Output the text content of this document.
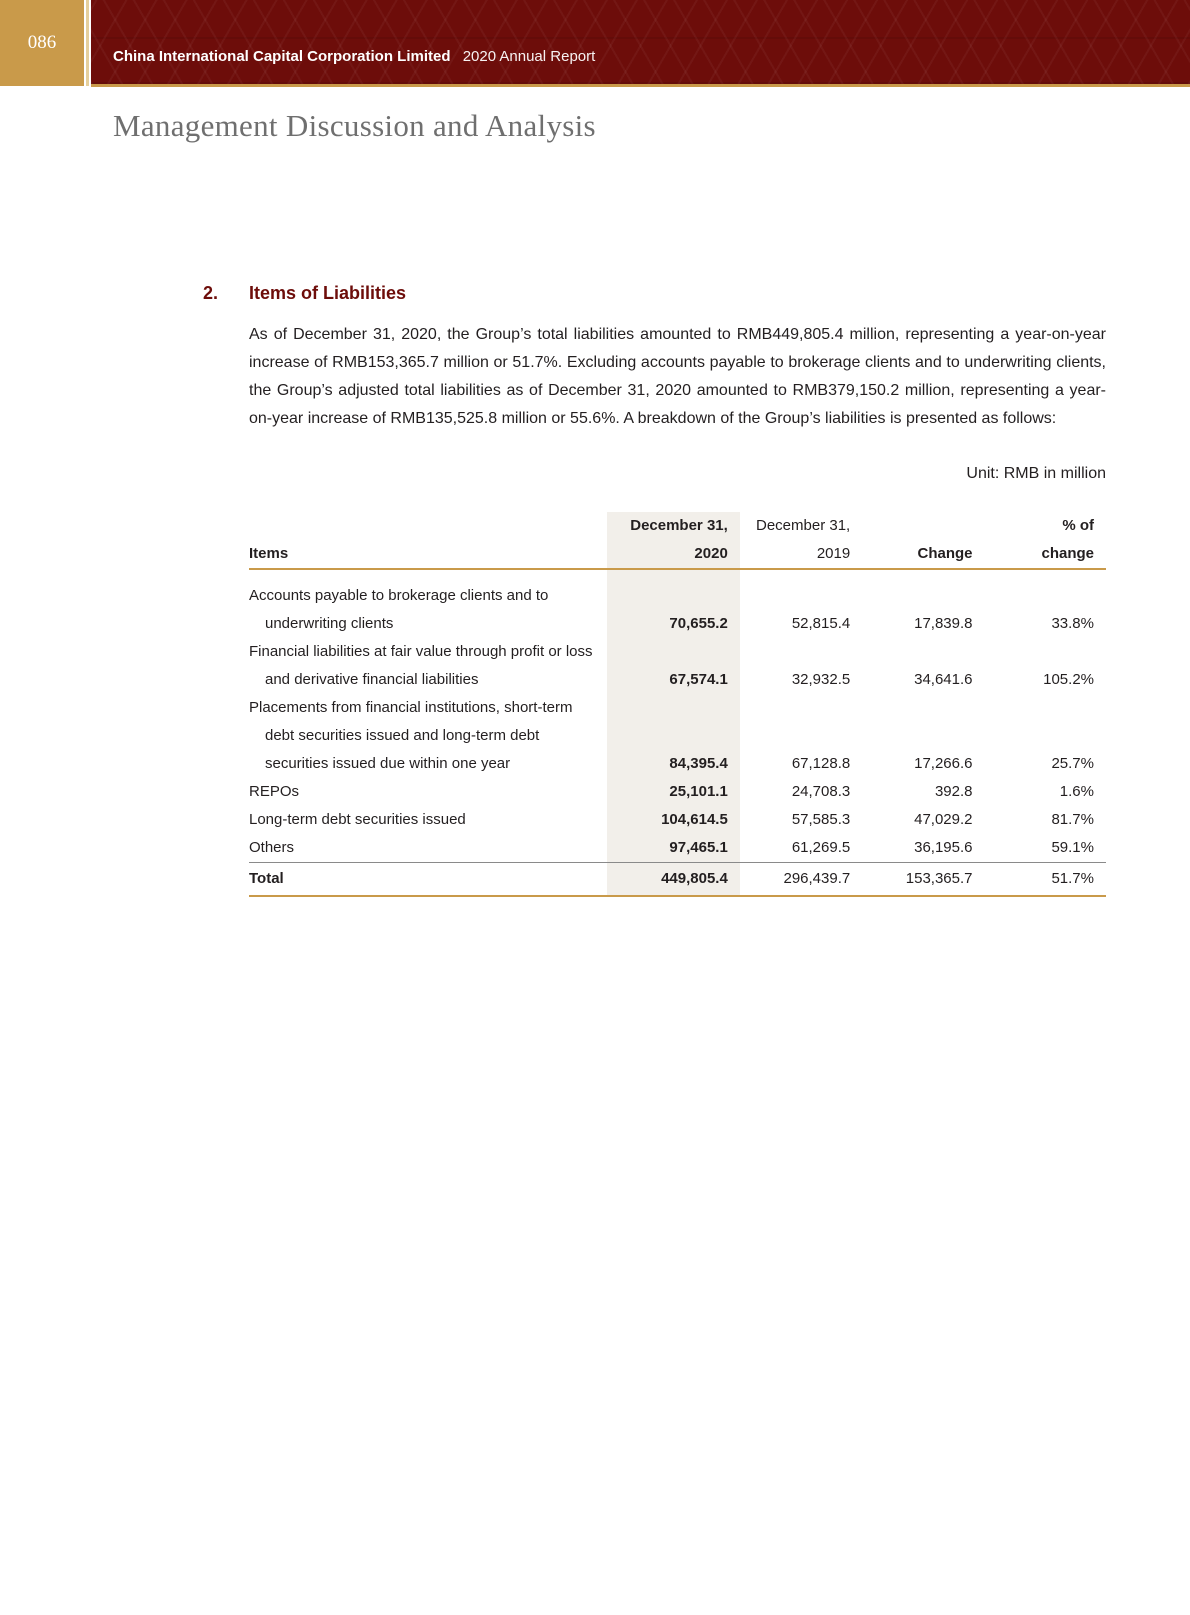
086
China International Capital Corporation Limited 2020 Annual Report
Management Discussion and Analysis
2. Items of Liabilities
As of December 31, 2020, the Group’s total liabilities amounted to RMB449,805.4 million, representing a year-on-year increase of RMB153,365.7 million or 51.7%. Excluding accounts payable to brokerage clients and to underwriting clients, the Group’s adjusted total liabilities as of December 31, 2020 amounted to RMB379,150.2 million, representing a year-on-year increase of RMB135,525.8 million or 55.6%. A breakdown of the Group’s liabilities is presented as follows:
Unit: RMB in million
	December 31,	December 31,		% of
Items	2020	2019	Change	change

Accounts payable to brokerage clients and to				
underwriting clients	70,655.2	52,815.4	17,839.8	33.8%
Financial liabilities at fair value through profit or loss				
and derivative financial liabilities	67,574.1	32,932.5	34,641.6	105.2%
Placements from financial institutions, short-term				
debt securities issued and long-term debt				
securities issued due within one year	84,395.4	67,128.8	17,266.6	25.7%
REPOs	25,101.1	24,708.3	392.8	1.6%
Long-term debt securities issued	104,614.5	57,585.3	47,029.2	81.7%
Others	97,465.1	61,269.5	36,195.6	59.1%
Total	449,805.4	296,439.7	153,365.7	51.7%
